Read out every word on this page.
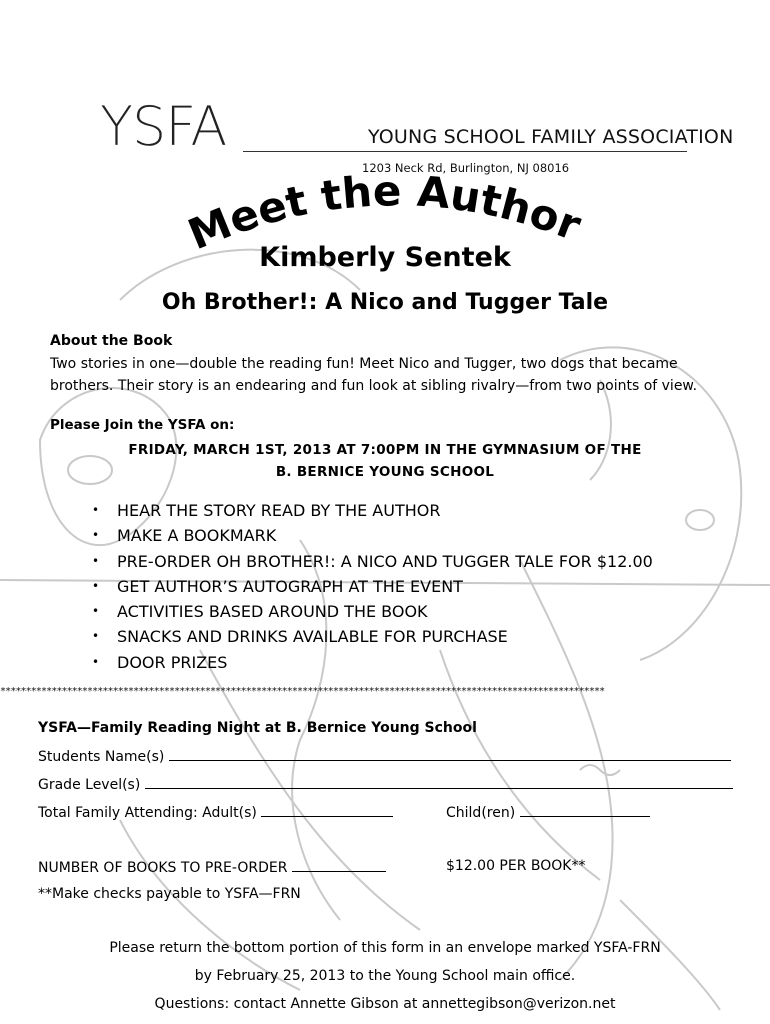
YSFA	YOUNG SCHOOL FAMILY ASSOCIATION
1203 Neck Rd, Burlington, NJ 08016
Meet the Author
Kimberly Sentek
Oh Brother!: A Nico and Tugger Tale
About the Book
Two stories in one—double the reading fun! Meet Nico and Tugger, two dogs that became brothers. Their story is an endearing and fun look at sibling rivalry—from two points of view.
Please Join the YSFA on:
FRIDAY, MARCH 1ST, 2013 AT 7:00PM IN THE GYMNASIUM OF THE
B. BERNICE YOUNG SCHOOL
• HEAR THE STORY READ BY THE AUTHOR
• MAKE A BOOKMARK
• PRE-ORDER OH BROTHER!: A NICO AND TUGGER TALE FOR $12.00
• GET AUTHOR’S AUTOGRAPH AT THE EVENT
• ACTIVITIES BASED AROUND THE BOOK
• SNACKS AND DRINKS AVAILABLE FOR PURCHASE
• DOOR PRIZES
**********************************************************************************************************************
YSFA—Family Reading Night at B. Bernice Young School
Students Name(s)
Grade Level(s)
Total Family Attending: Adult(s)	Child(ren)
NUMBER OF BOOKS TO PRE-ORDER	$12.00 PER BOOK**
**Make checks payable to YSFA—FRN
Please return the bottom portion of this form in an envelope marked YSFA-FRN
by February 25, 2013 to the Young School main office.
Questions: contact Annette Gibson at annettegibson@verizon.net
